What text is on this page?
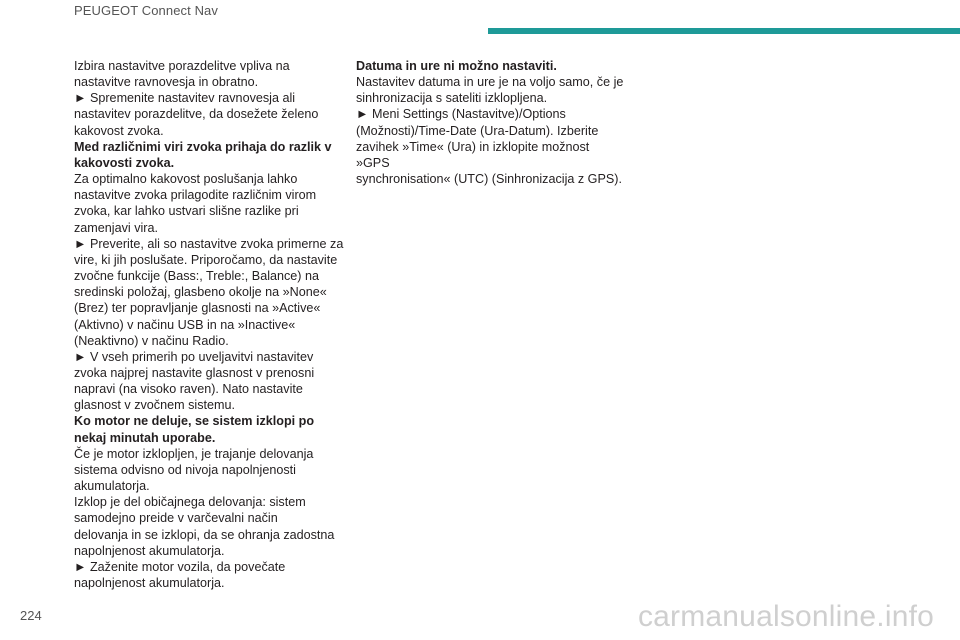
PEUGEOT Connect Nav

Izbira nastavitve porazdelitve vpliva na

nastavitve ravnovesja in obratno.

► Spremenite nastavitev ravnovesja ali

nastavitev porazdelitve, da dosežete želeno

kakovost zvoka.

Med različnimi viri zvoka prihaja do razlik v

kakovosti zvoka.

Za optimalno kakovost poslušanja lahko

nastavitve zvoka prilagodite različnim virom

zvoka, kar lahko ustvari slišne razlike pri

zamenjavi vira.

► Preverite, ali so nastavitve zvoka primerne za

vire, ki jih poslušate. Priporočamo, da nastavite

zvočne funkcije (Bass:, Treble:, Balance) na

sredinski položaj, glasbeno okolje na »None«

(Brez) ter popravljanje glasnosti na »Active«

(Aktivno) v načinu USB in na »Inactive«

(Neaktivno) v načinu Radio.

► V vseh primerih po uveljavitvi nastavitev

zvoka najprej nastavite glasnost v prenosni

napravi (na visoko raven). Nato nastavite

glasnost v zvočnem sistemu.

Ko motor ne deluje, se sistem izklopi po

nekaj minutah uporabe.

Če je motor izklopljen, je trajanje delovanja

sistema odvisno od nivoja napolnjenosti

akumulatorja.

Izklop je del običajnega delovanja: sistem

samodejno preide v varčevalni način

delovanja in se izklopi, da se ohranja zadostna

napolnjenost akumulatorja.

► Zaženite motor vozila, da povečate

napolnjenost akumulatorja.

Datuma in ure ni možno nastaviti.

Nastavitev datuma in ure je na voljo samo, če je

sinhronizacija s sateliti izklopljena.

► Meni Settings (Nastavitve)/Options

(Možnosti)/Time-Date (Ura-Datum). Izberite

zavihek »Time« (Ura) in izklopite možnost »GPS

synchronisation« (UTC) (Sinhronizacija z GPS).

224	carmanualsonline.info
